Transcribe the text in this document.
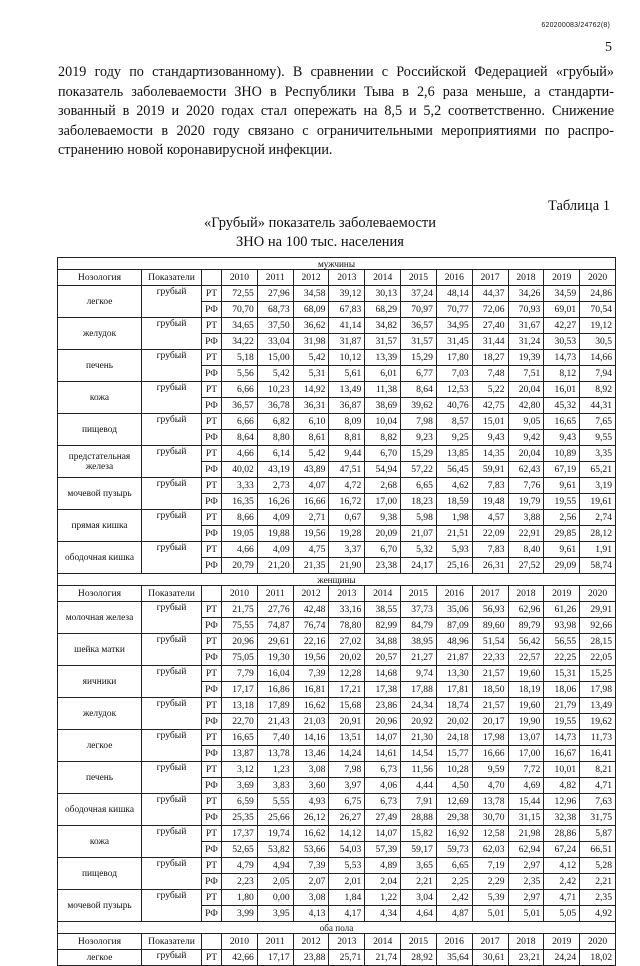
620200083/24762(8)
5

2019 году по стандартизованному). В сравнении с Российской Федерацией «грубый»
показатель заболеваемости ЗНО в Республики Тыва в 2,6 раза меньше, а стандарти-
зованный в 2019 и 2020 годах стал опережать на 8,5 и 5,2 соответственно. Снижение
заболеваемости в 2020 году связано с ограничительными мероприятиями по распро-
странению новой коронавирусной инфекции.

Таблица 1
«Грубый» показатель заболеваемости
ЗНО на 100 тыс. населения
мужчины													
Нозология	Показатели		2010	2011	2012	2013	2014	2015	2016	2017	2018	2019	2020
легкое	грубый	РТ	72,55	27,96	34,58	39,12	30,13	37,24	48,14	44,37	34,26	34,59	24,86
		РФ	70,70	68,73	68,09	67,83	68,29	70,97	70,77	72,06	70,93	69,01	70,54
желудок	грубый	РТ	34,65	37,50	36,62	41,14	34,82	36,57	34,95	27,40	31,67	42,27	19,12
		РФ	34,22	33,04	31,98	31,87	31,57	31,57	31,45	31,44	31,24	30,53	30,5
печень	грубый	РТ	5,18	15,00	5,42	10,12	13,39	15,29	17,80	18,27	19,39	14,73	14,66
		РФ	5,56	5,42	5,31	5,61	6,01	6,77	7,03	7,48	7,51	8,12	7,94
кожа	грубый	РТ	6,66	10,23	14,92	13,49	11,38	8,64	12,53	5,22	20,04	16,01	8,92
		РФ	36,57	36,78	36,31	36,87	38,69	39,62	40,76	42,75	42,80	45,32	44,31
пищевод	грубый	РТ	6,66	6,82	6,10	8,09	10,04	7,98	8,57	15,01	9,05	16,65	7,65
		РФ	8,64	8,80	8,61	8,81	8,82	9,23	9,25	9,43	9,42	9,43	9,55
предстательная железа	грубый	РТ	4,66	6,14	5,42	9,44	6,70	15,29	13,85	14,35	20,04	10,89	3,35
		РФ	40,02	43,19	43,89	47,51	54,94	57,22	56,45	59,91	62,43	67,19	65,21
мочевой пузырь	грубый	РТ	3,33	2,73	4,07	4,72	2,68	6,65	4,62	7,83	7,76	9,61	3,19
		РФ	16,35	16,26	16,66	16,72	17,00	18,23	18,59	19,48	19,79	19,55	19,61
прямая кишка	грубый	РТ	8,66	4,09	2,71	0,67	9,38	5,98	1,98	4,57	3,88	2,56	2,74
		РФ	19,05	19,88	19,56	19,28	20,09	21,07	21,51	22,09	22,91	29,85	28,12
ободочная кишка	грубый	РТ	4,66	4,09	4,75	3,37	6,70	5,32	5,93	7,83	8,40	9,61	1,91
		РФ	20,79	21,20	21,35	21,90	23,38	24,17	25,16	26,31	27,52	29,09	58,74
женщины													
Нозология	Показатели		2010	2011	2012	2013	2014	2015	2016	2017	2018	2019	2020
молочная железа	грубый	РТ	21,75	27,76	42,48	33,16	38,55	37,73	35,06	56,93	62,96	61,26	29,91
		РФ	75,55	74,87	76,74	78,80	82,99	84,79	87,09	89,60	89,79	93,98	92,66
шейка матки	грубый	РТ	20,96	29,61	22,16	27,02	34,88	38,95	48,96	51,54	56,42	56,55	28,15
		РФ	75,05	19,30	19,56	20,02	20,57	21,27	21,87	22,33	22,57	22,25	22,05
яичники	грубый	РТ	7,79	16,04	7,39	12,28	14,68	9,74	13,30	21,57	19,60	15,31	15,25
		РФ	17,17	16,86	16,81	17,21	17,38	17,88	17,81	18,50	18,19	18,06	17,98
желудок	грубый	РТ	13,18	17,89	16,62	15,68	23,86	24,34	18,74	21,57	19,60	21,79	13,49
		РФ	22,70	21,43	21,03	20,91	20,96	20,92	20,02	20,17	19,90	19,55	19,62
легкое	грубый	РТ	16,65	7,40	14,16	13,51	14,07	21,30	24,18	17,98	13,07	14,73	11,73
		РФ	13,87	13,78	13,46	14,24	14,61	14,54	15,77	16,66	17,00	16,67	16,41
печень	грубый	РТ	3,12	1,23	3,08	7,98	6,73	11,56	10,28	9,59	7,72	10,01	8,21
		РФ	3,69	3,83	3,60	3,97	4,06	4,44	4,50	4,70	4,69	4,82	4,71
ободочная кишка	грубый	РТ	6,59	5,55	4,93	6,75	6,73	7,91	12,69	13,78	15,44	12,96	7,63
		РФ	25,35	25,66	26,12	26,27	27,49	28,88	29,38	30,70	31,15	32,38	31,75
кожа	грубый	РТ	17,37	19,74	16,62	14,12	14,07	15,82	16,92	12,58	21,98	28,86	5,87
		РФ	52,65	53,82	53,66	54,03	57,39	59,17	59,73	62,03	62,94	67,24	66,51
пищевод	грубый	РТ	4,79	4,94	7,39	5,53	4,89	3,65	6,65	7,19	2,97	4,12	5,28
		РФ	2,23	2,05	2,07	2,01	2,04	2,21	2,25	2,29	2,35	2,42	2,21
мочевой пузырь	грубый	РТ	1,80	0,00	3,08	1,84	1,22	3,04	2,42	5,39	2,97	4,71	2,35
		РФ	3,99	3,95	4,13	4,17	4,34	4,64	4,87	5,01	5,01	5,05	4,92
оба пола													
Нозология	Показатели		2010	2011	2012	2013	2014	2015	2016	2017	2018	2019	2020
легкое	грубый	РТ	42,66	17,17	23,88	25,71	21,74	28,92	35,64	30,61	23,21	24,24	18,02
